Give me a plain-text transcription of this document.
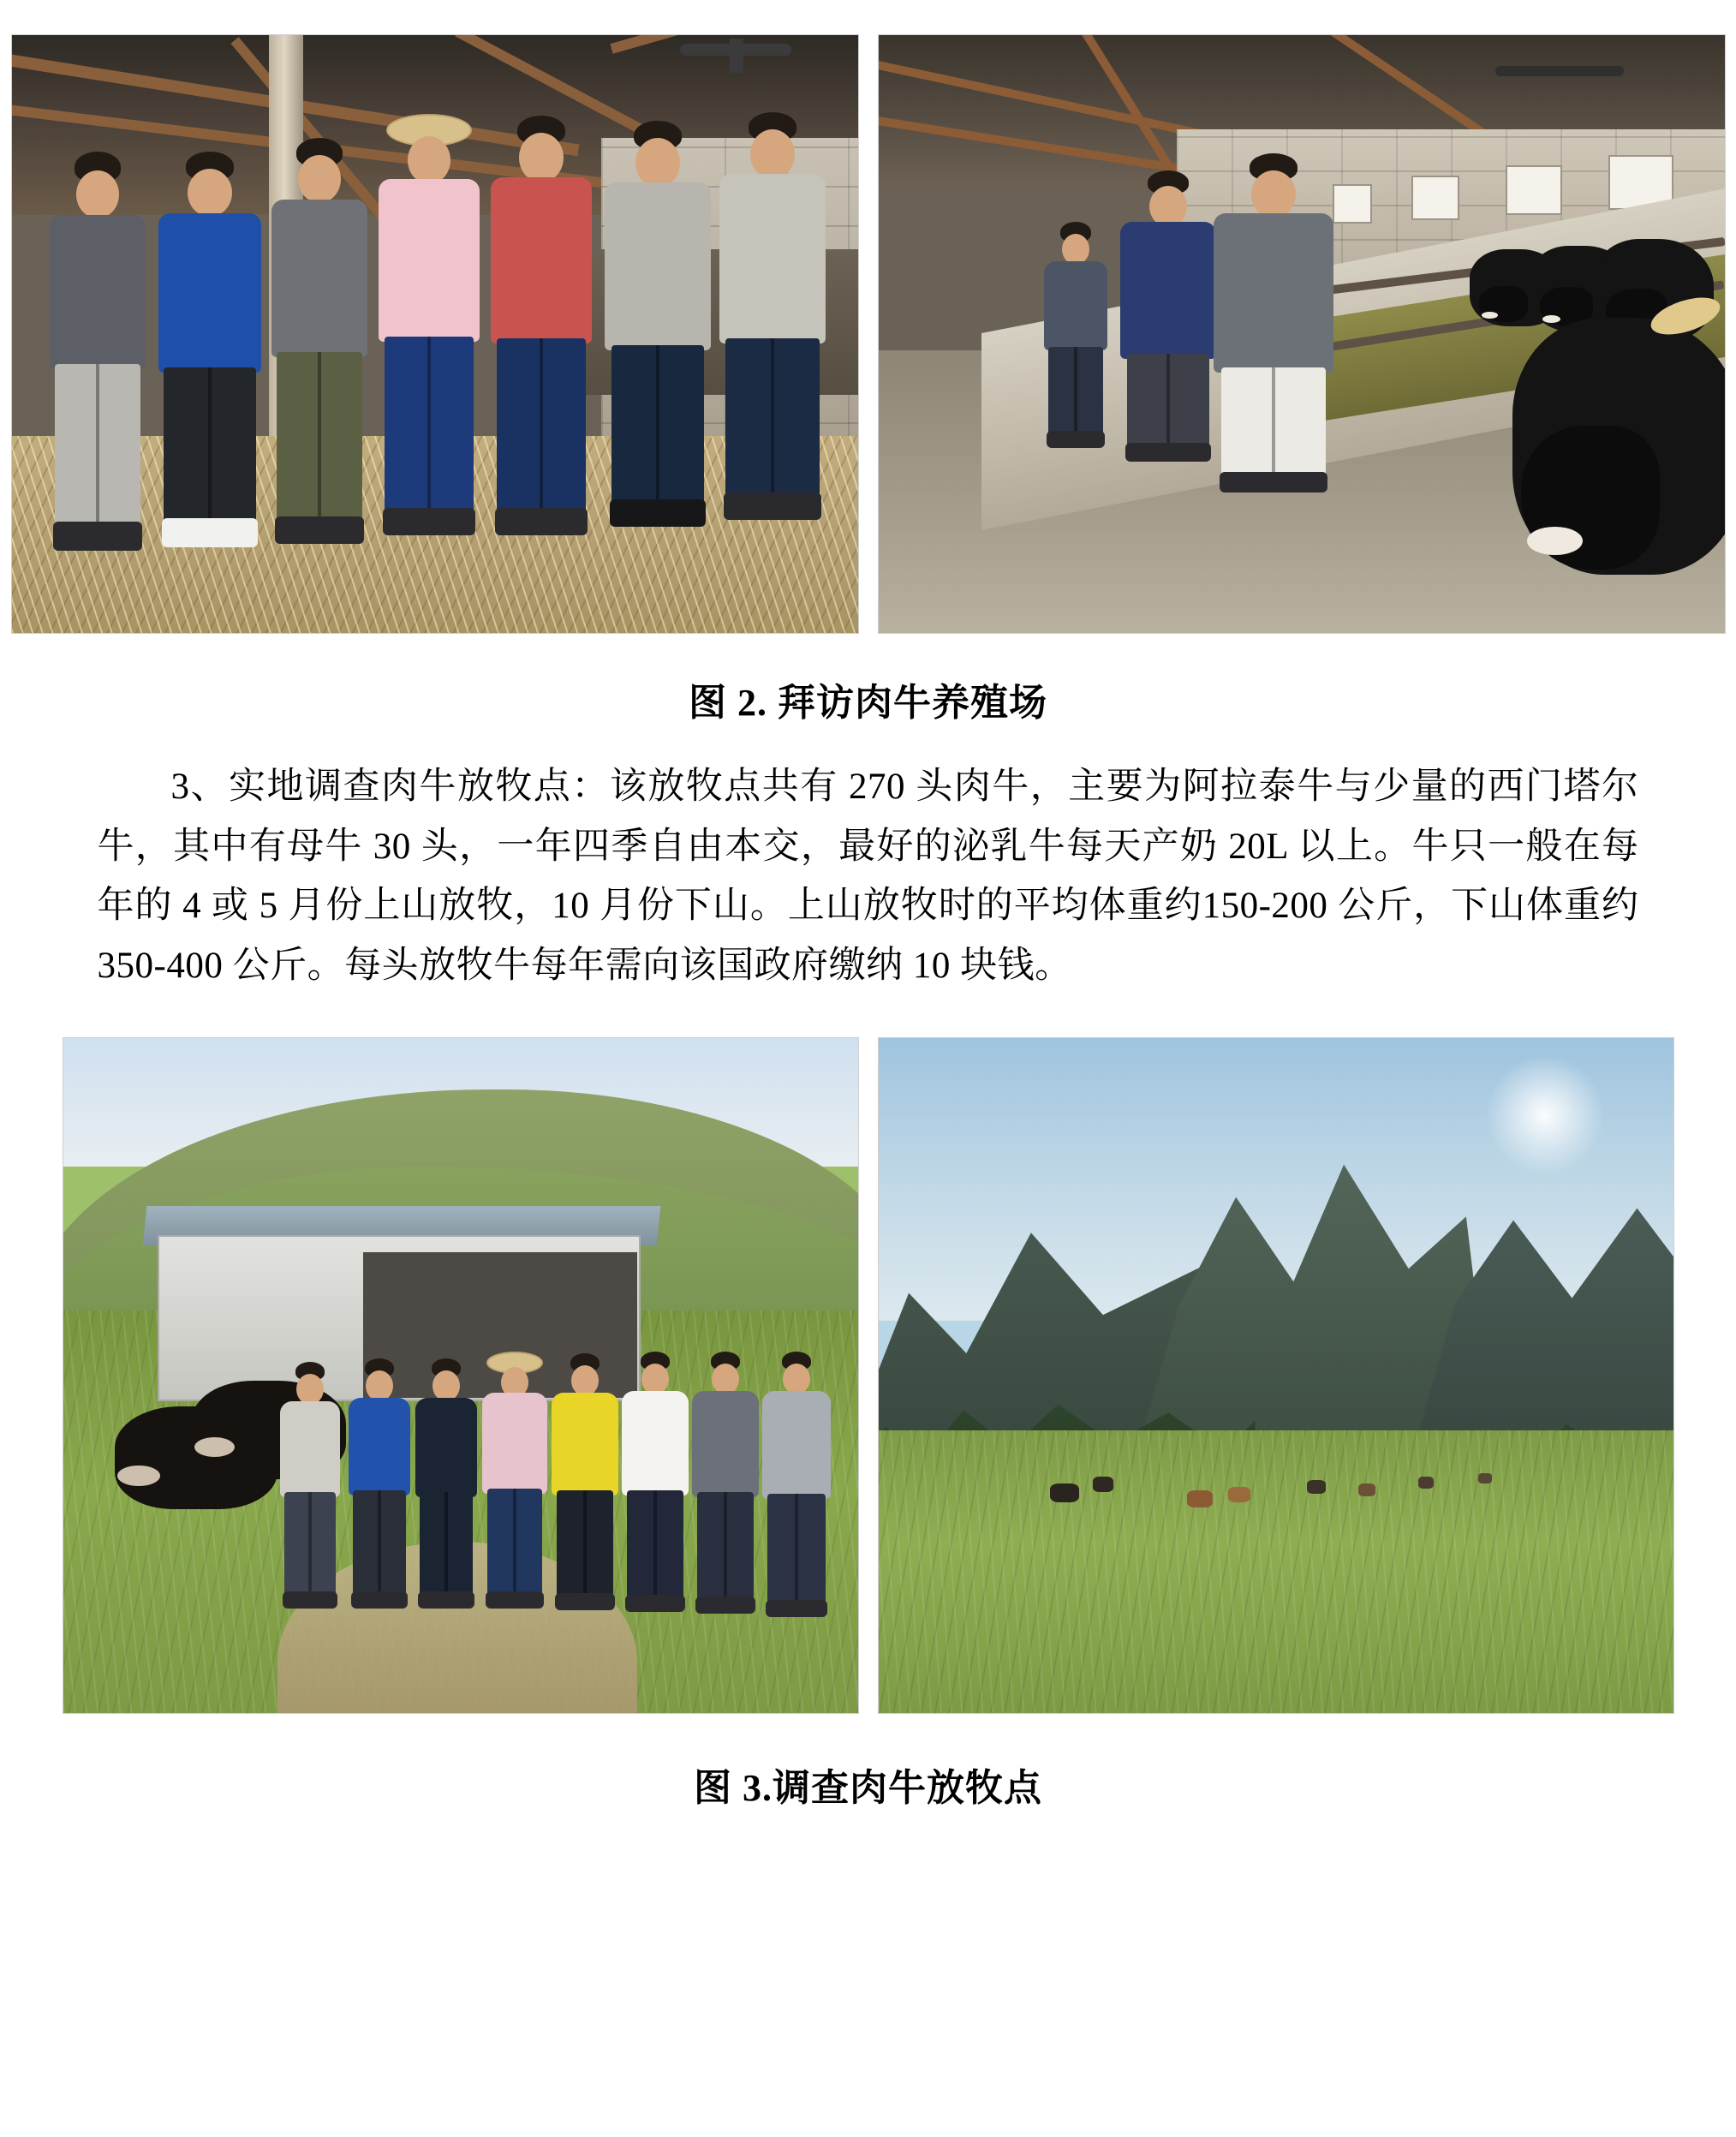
图 2. 拜访肉牛养殖场
3、实地调查肉牛放牧点：该放牧点共有 270 头肉牛，主要为阿拉泰牛与少量的西门塔尔牛，其中有母牛 30 头，一年四季自由本交，最好的泌乳牛每天产奶 20L 以上。牛只一般在每年的 4 或 5 月份上山放牧，10 月份下山。上山放牧时的平均体重约150-200 公斤，下山体重约 350-400 公斤。每头放牧牛每年需向该国政府缴纳 10 块钱。
图 3.调查肉牛放牧点
